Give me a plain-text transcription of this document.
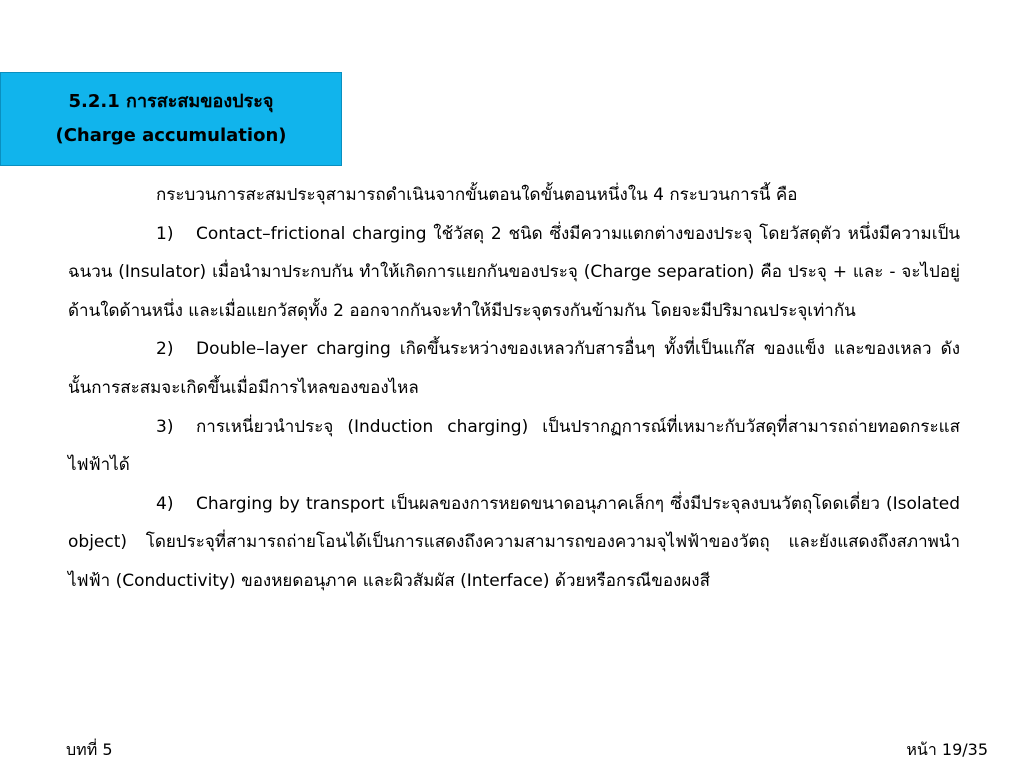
5.2.1 การสะสมของประจุ
(Charge accumulation)

กระบวนการสะสมประจุสามารถดำเนินจากขั้นตอนใดขั้นตอนหนึ่งใน 4 กระบวนการนี้ คือ

1) Contact–frictional charging ใช้วัสดุ 2 ชนิด ซึ่งมีความแตกต่างของประจุ โดยวัสดุตัว หนึ่งมีความเป็นฉนวน (Insulator) เมื่อนำมาประกบกัน ทำให้เกิดการแยกกันของประจุ (Charge separation) คือ ประจุ + และ - จะไปอยู่ด้านใดด้านหนึ่ง และเมื่อแยกวัสดุทั้ง 2 ออกจากกันจะทำให้มีประจุตรงกันข้ามกัน โดยจะมีปริมาณประจุเท่ากัน

2) Double–layer charging เกิดขึ้นระหว่างของเหลวกับสารอื่นๆ ทั้งที่เป็นแก๊ส ของแข็ง และของเหลว ดังนั้นการสะสมจะเกิดขึ้นเมื่อมีการไหลของของไหล

3) การเหนี่ยวนำประจุ (Induction charging) เป็นปรากฏการณ์ที่เหมาะกับวัสดุที่สามารถถ่ายทอดกระแสไฟฟ้าได้

4) Charging by transport เป็นผลของการหยดขนาดอนุภาคเล็กๆ ซึ่งมีประจุลงบนวัตถุโดดเดี่ยว (Isolated object) โดยประจุที่สามารถถ่ายโอนได้เป็นการแสดงถึงความสามารถของความจุไฟฟ้าของวัตถุ และยังแสดงถึงสภาพนำไฟฟ้า (Conductivity) ของหยดอนุภาค และผิวสัมผัส (Interface) ด้วยหรือกรณีของผงสี

บทที่ 5	หน้า 19/35
